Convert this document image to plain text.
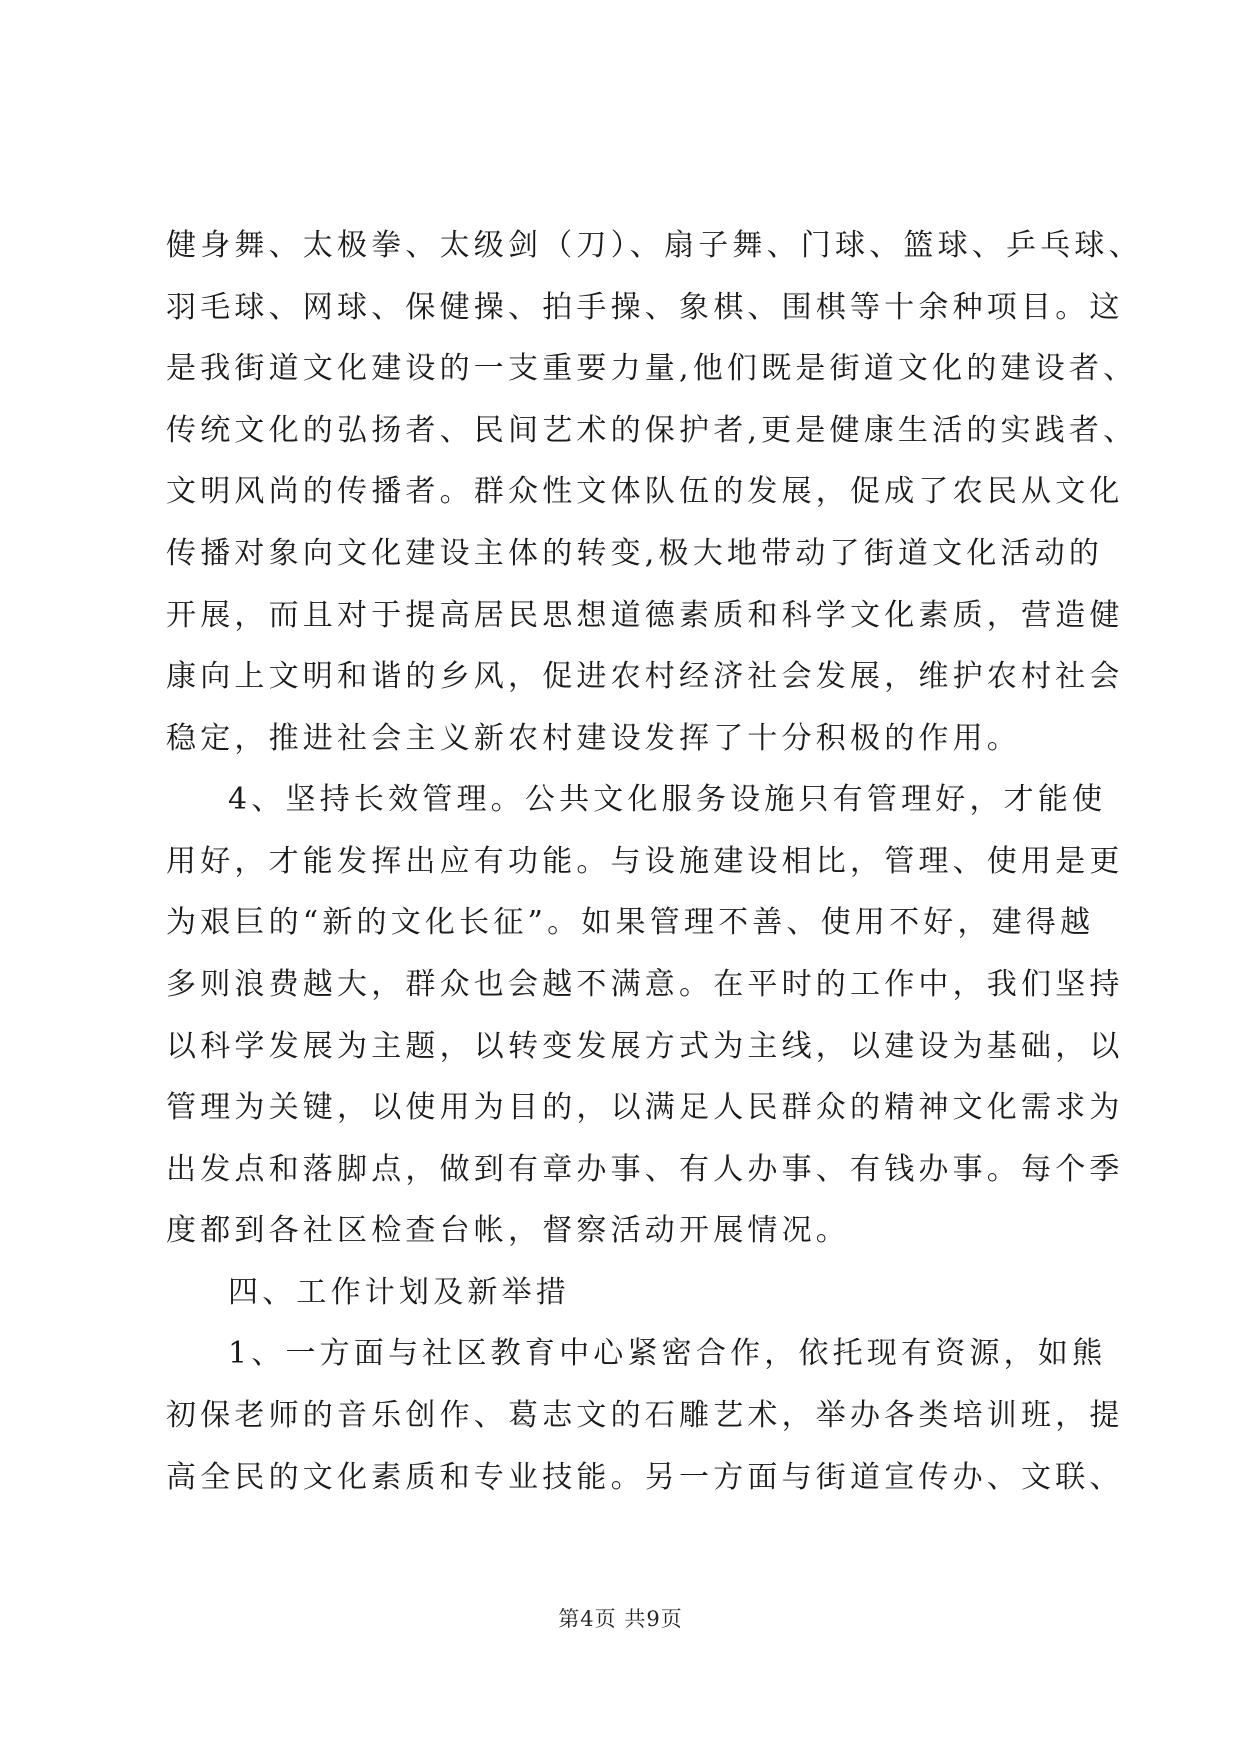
健身舞、太极拳、太级剑（刀）、扇子舞、门球、篮球、乒乓球、
羽毛球、网球、保健操、拍手操、象棋、围棋等十余种项目。这
是我街道文化建设的一支重要力量,他们既是街道文化的建设者、
传统文化的弘扬者、民间艺术的保护者,更是健康生活的实践者、
文明风尚的传播者。群众性文体队伍的发展，促成了农民从文化
传播对象向文化建设主体的转变,极大地带动了街道文化活动的
开展，而且对于提高居民思想道德素质和科学文化素质，营造健
康向上文明和谐的乡风，促进农村经济社会发展，维护农村社会
稳定，推进社会主义新农村建设发挥了十分积极的作用。
4、坚持长效管理。公共文化服务设施只有管理好，才能使
用好，才能发挥出应有功能。与设施建设相比，管理、使用是更
为艰巨的“新的文化长征”。如果管理不善、使用不好，建得越
多则浪费越大，群众也会越不满意。在平时的工作中，我们坚持
以科学发展为主题，以转变发展方式为主线，以建设为基础，以
管理为关键，以使用为目的，以满足人民群众的精神文化需求为
出发点和落脚点，做到有章办事、有人办事、有钱办事。每个季
度都到各社区检查台帐，督察活动开展情况。
四、工作计划及新举措
1、一方面与社区教育中心紧密合作，依托现有资源，如熊
初保老师的音乐创作、葛志文的石雕艺术，举办各类培训班，提
高全民的文化素质和专业技能。另一方面与街道宣传办、文联、
第4页 共9页
